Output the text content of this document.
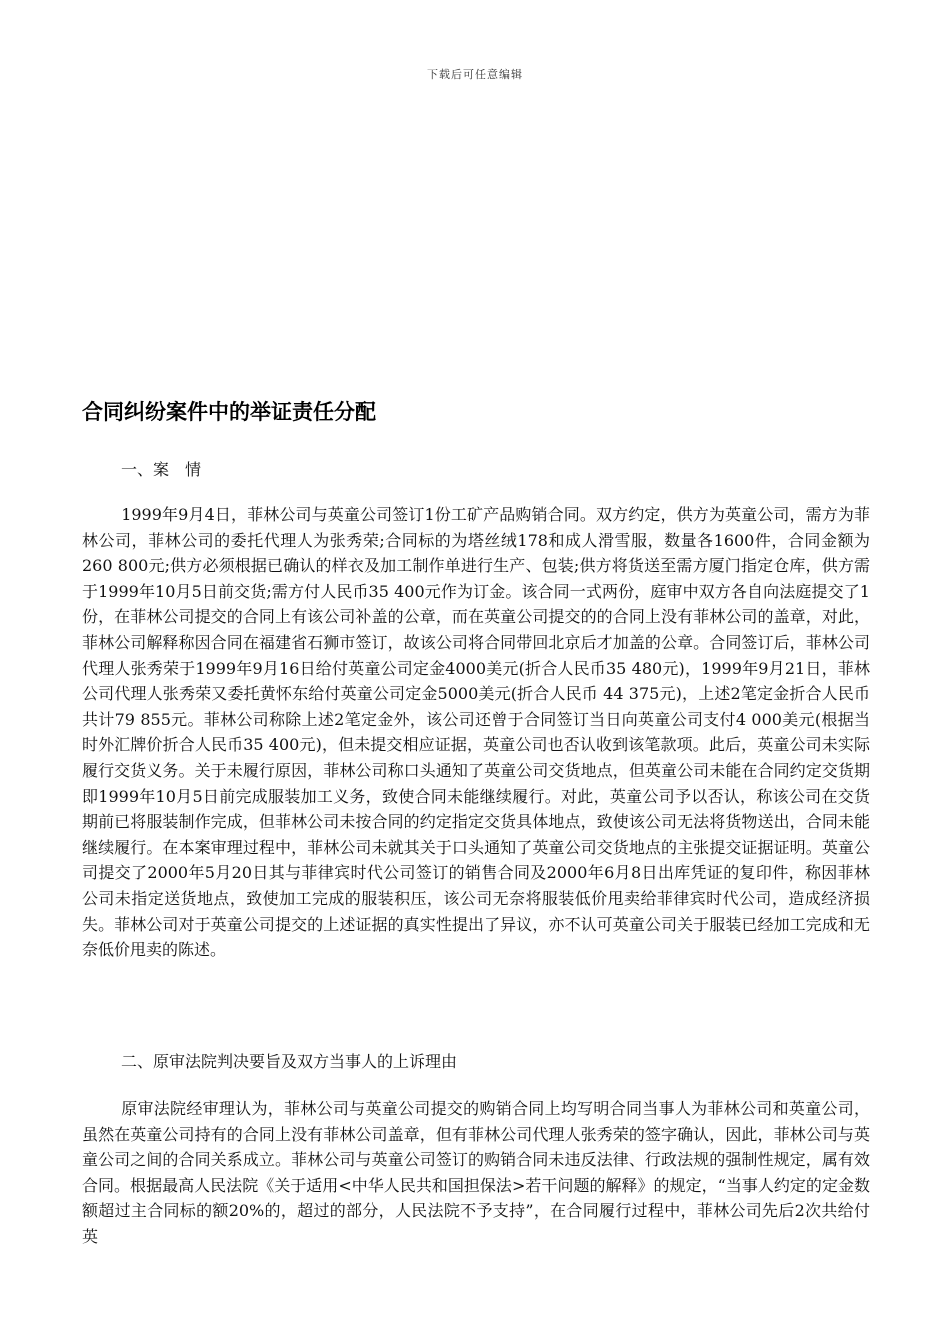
下载后可任意编辑
合同纠纷案件中的举证责任分配
一、案　情

1999年9月4日，菲林公司与英童公司签订1份工矿产品购销合同。双方约定，供方为英童公司，需方为菲林公司，菲林公司的委托代理人为张秀荣;合同标的为塔丝绒178和成人滑雪服，数量各1600件，合同金额为260 800元;供方必须根据已确认的样衣及加工制作单进行生产、包装;供方将货送至需方厦门指定仓库，供方需于1999年10月5日前交货;需方付人民币35 400元作为订金。该合同一式两份，庭审中双方各自向法庭提交了1份，在菲林公司提交的合同上有该公司补盖的公章，而在英童公司提交的的合同上没有菲林公司的盖章，对此，菲林公司解释称因合同在福建省石狮市签订，故该公司将合同带回北京后才加盖的公章。合同签订后，菲林公司代理人张秀荣于1999年9月16日给付英童公司定金4000美元(折合人民币35 480元)，1999年9月21日，菲林公司代理人张秀荣又委托黄怀东给付英童公司定金5000美元(折合人民币 44 375元)，上述2笔定金折合人民币共计79 855元。菲林公司称除上述2笔定金外，该公司还曾于合同签订当日向英童公司支付4 000美元(根据当时外汇牌价折合人民币35 400元)，但未提交相应证据，英童公司也否认收到该笔款项。此后，英童公司未实际履行交货义务。关于未履行原因，菲林公司称口头通知了英童公司交货地点，但英童公司未能在合同约定交货期即1999年10月5日前完成服装加工义务，致使合同未能继续履行。对此，英童公司予以否认，称该公司在交货期前已将服装制作完成，但菲林公司未按合同的约定指定交货具体地点，致使该公司无法将货物送出，合同未能继续履行。在本案审理过程中，菲林公司未就其关于口头通知了英童公司交货地点的主张提交证据证明。英童公司提交了2000年5月20日其与菲律宾时代公司签订的销售合同及2000年6月8日出库凭证的复印件，称因菲林公司未指定送货地点，致使加工完成的服装积压，该公司无奈将服装低价甩卖给菲律宾时代公司，造成经济损失。菲林公司对于英童公司提交的上述证据的真实性提出了异议，亦不认可英童公司关于服装已经加工完成和无奈低价甩卖的陈述。

二、原审法院判决要旨及双方当事人的上诉理由

原审法院经审理认为，菲林公司与英童公司提交的购销合同上均写明合同当事人为菲林公司和英童公司，虽然在英童公司持有的合同上没有菲林公司盖章，但有菲林公司代理人张秀荣的签字确认，因此，菲林公司与英童公司之间的合同关系成立。菲林公司与英童公司签订的购销合同未违反法律、行政法规的强制性规定，属有效合同。根据最高人民法院《关于适用<中华人民共和国担保法>若干问题的解释》的规定，“当事人约定的定金数额超过主合同标的额20%的，超过的部分，人民法院不予支持”，在合同履行过程中，菲林公司先后2次共给付英
